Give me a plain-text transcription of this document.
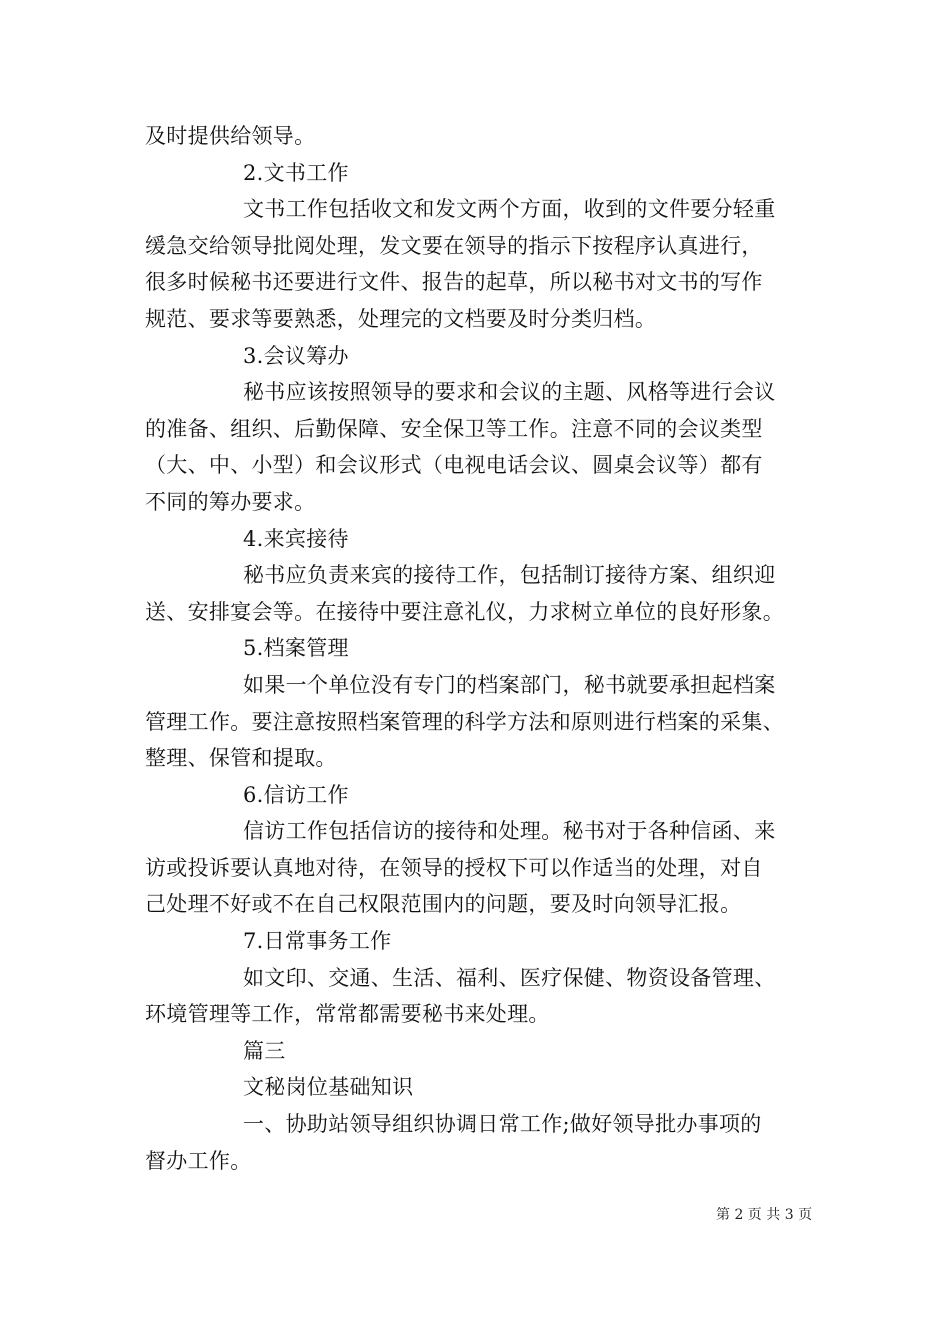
及时提供给领导。
2.文书工作
文书工作包括收文和发文两个方面，收到的文件要分轻重
缓急交给领导批阅处理，发文要在领导的指示下按程序认真进行，
很多时候秘书还要进行文件、报告的起草，所以秘书对文书的写作
规范、要求等要熟悉，处理完的文档要及时分类归档。
3.会议筹办
秘书应该按照领导的要求和会议的主题、风格等进行会议
的准备、组织、后勤保障、安全保卫等工作。注意不同的会议类型
（大、中、小型）和会议形式（电视电话会议、圆桌会议等）都有
不同的筹办要求。
4.来宾接待
秘书应负责来宾的接待工作，包括制订接待方案、组织迎
送、安排宴会等。在接待中要注意礼仪，力求树立单位的良好形象。
5.档案管理
如果一个单位没有专门的档案部门，秘书就要承担起档案
管理工作。要注意按照档案管理的科学方法和原则进行档案的采集、
整理、保管和提取。
6.信访工作
信访工作包括信访的接待和处理。秘书对于各种信函、来
访或投诉要认真地对待，在领导的授权下可以作适当的处理，对自
己处理不好或不在自己权限范围内的问题，要及时向领导汇报。
7.日常事务工作
如文印、交通、生活、福利、医疗保健、物资设备管理、
环境管理等工作，常常都需要秘书来处理。
篇三
文秘岗位基础知识
一、协助站领导组织协调日常工作;做好领导批办事项的
督办工作。
第 2 页 共 3 页
